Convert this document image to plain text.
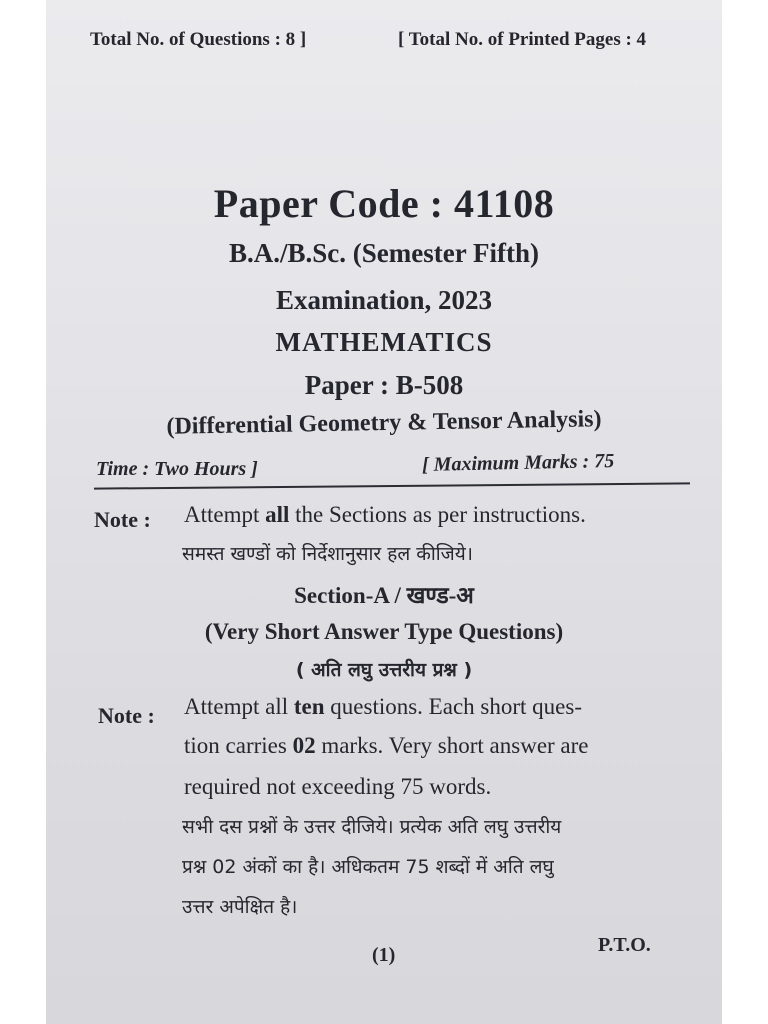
Total No. of Questions : 8 ]	[ Total No. of Printed Pages : 4
Paper Code : 41108
B.A./B.Sc. (Semester Fifth)
Examination, 2023
MATHEMATICS
Paper : B-508
(Differential Geometry & Tensor Analysis)
Time : Two Hours ]	[ Maximum Marks : 75
Note : Attempt all the Sections as per instructions.
समस्त खण्डों को निर्देशानुसार हल कीजिये।
Section-A / खण्ड-अ
(Very Short Answer Type Questions)
( अति लघु उत्तरीय प्रश्न )
Note : Attempt all ten questions. Each short ques-
tion carries 02 marks. Very short answer are
required not exceeding 75 words.
सभी दस प्रश्नों के उत्तर दीजिये। प्रत्येक अति लघु उत्तरीय
प्रश्न 02 अंकों का है। अधिकतम 75 शब्दों में अति लघु
उत्तर अपेक्षित है।
(1)	P.T.O.
